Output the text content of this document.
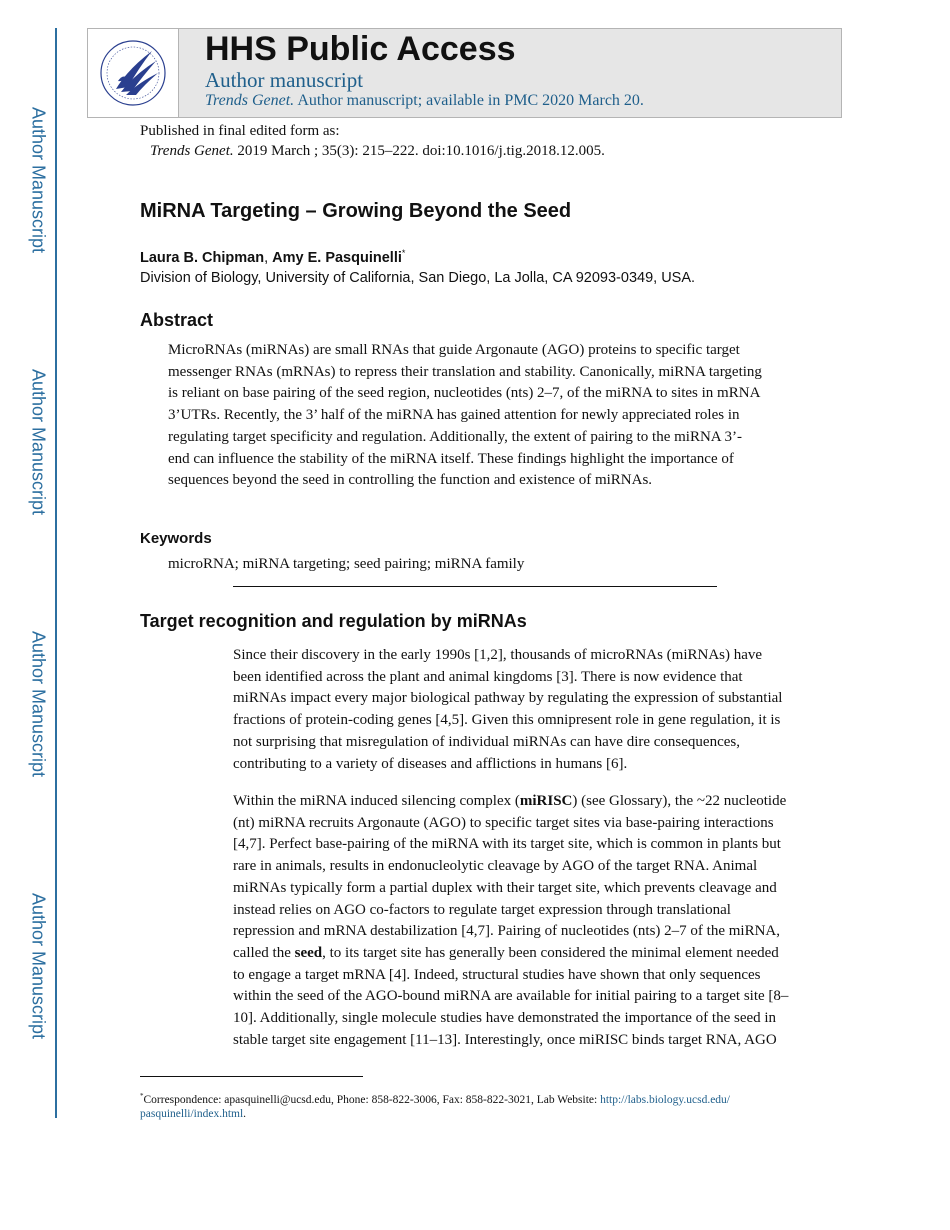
Author Manuscript
Author Manuscript
Author Manuscript
Author Manuscript
HHS Public Access
Author manuscript
Trends Genet. Author manuscript; available in PMC 2020 March 20.
Published in final edited form as:
Trends Genet. 2019 March ; 35(3): 215–222. doi:10.1016/j.tig.2018.12.005.
MiRNA Targeting – Growing Beyond the Seed
Laura B. Chipman, Amy E. Pasquinelli*
Division of Biology, University of California, San Diego, La Jolla, CA 92093-0349, USA.
Abstract
MicroRNAs (miRNAs) are small RNAs that guide Argonaute (AGO) proteins to specific target
messenger RNAs (mRNAs) to repress their translation and stability. Canonically, miRNA targeting
is reliant on base pairing of the seed region, nucleotides (nts) 2–7, of the miRNA to sites in mRNA
3’UTRs. Recently, the 3’ half of the miRNA has gained attention for newly appreciated roles in
regulating target specificity and regulation. Additionally, the extent of pairing to the miRNA 3’-
end can influence the stability of the miRNA itself. These findings highlight the importance of
sequences beyond the seed in controlling the function and existence of miRNAs.
Keywords
microRNA; miRNA targeting; seed pairing; miRNA family
Target recognition and regulation by miRNAs
Since their discovery in the early 1990s [1,2], thousands of microRNAs (miRNAs) have
been identified across the plant and animal kingdoms [3]. There is now evidence that
miRNAs impact every major biological pathway by regulating the expression of substantial
fractions of protein-coding genes [4,5]. Given this omnipresent role in gene regulation, it is
not surprising that misregulation of individual miRNAs can have dire consequences,
contributing to a variety of diseases and afflictions in humans [6].
Within the miRNA induced silencing complex (miRISC) (see Glossary), the ~22 nucleotide
(nt) miRNA recruits Argonaute (AGO) to specific target sites via base-pairing interactions
[4,7]. Perfect base-pairing of the miRNA with its target site, which is common in plants but
rare in animals, results in endonucleolytic cleavage by AGO of the target RNA. Animal
miRNAs typically form a partial duplex with their target site, which prevents cleavage and
instead relies on AGO co-factors to regulate target expression through translational
repression and mRNA destabilization [4,7]. Pairing of nucleotides (nts) 2–7 of the miRNA,
called the seed, to its target site has generally been considered the minimal element needed
to engage a target mRNA [4]. Indeed, structural studies have shown that only sequences
within the seed of the AGO-bound miRNA are available for initial pairing to a target site [8–
10]. Additionally, single molecule studies have demonstrated the importance of the seed in
stable target site engagement [11–13]. Interestingly, once miRISC binds target RNA, AGO
*Correspondence: apasquinelli@ucsd.edu, Phone: 858-822-3006, Fax: 858-822-3021, Lab Website: http://labs.biology.ucsd.edu/
pasquinelli/index.html.
